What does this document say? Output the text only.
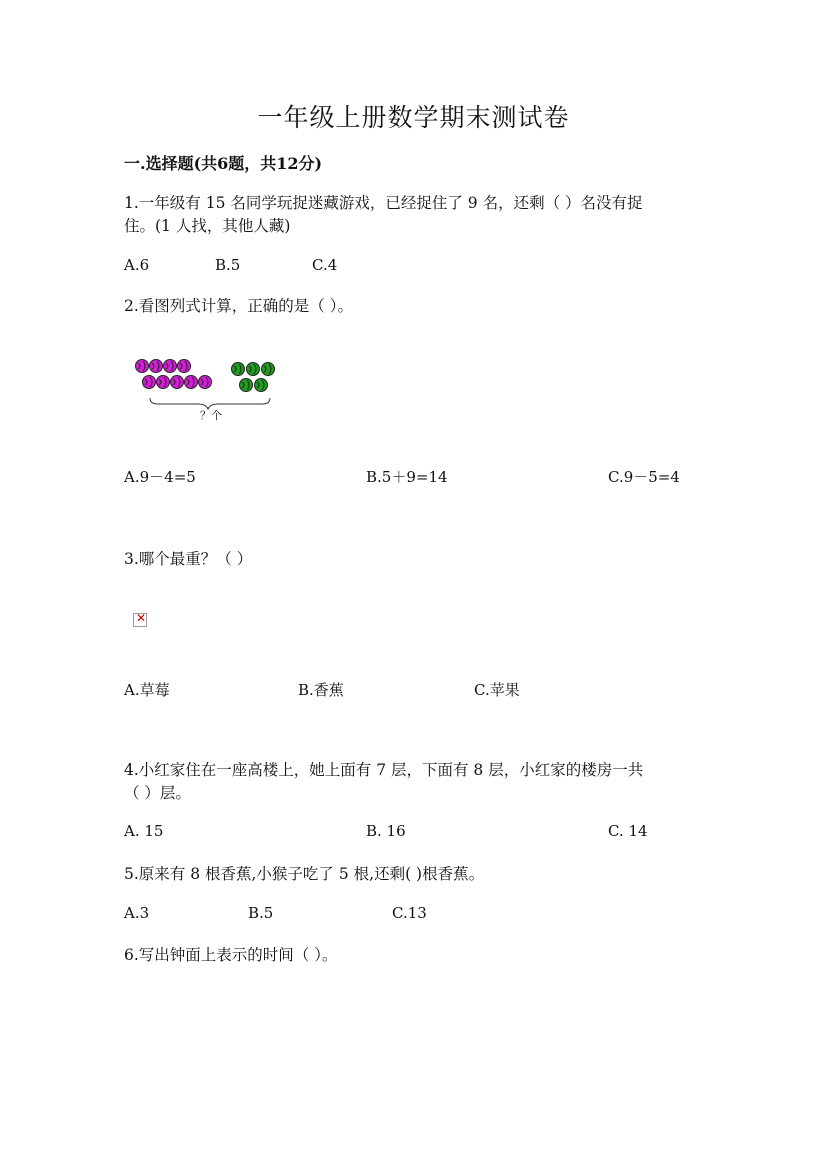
一年级上册数学期末测试卷
一.选择题(共6题，共12分)
1.一年级有 15 名同学玩捉迷藏游戏，已经捉住了 9 名，还剩（ ）名没有捉
住。(1 人找，其他人藏)
A.6	B.5	C.4
2.看图列式计算，正确的是（ ）。
？个
A.9－4=5	B.5＋9=14	C.9－5=4
3.哪个最重？（ ）
✕
A.草莓	B.香蕉	C.苹果
4.小红家住在一座高楼上，她上面有 7 层，下面有 8 层，小红家的楼房一共
（ ）层。
A. 15	B. 16	C. 14
5.原来有 8 根香蕉,小猴子吃了 5 根,还剩( )根香蕉。
A.3	B.5	C.13
6.写出钟面上表示的时间（ ）。
